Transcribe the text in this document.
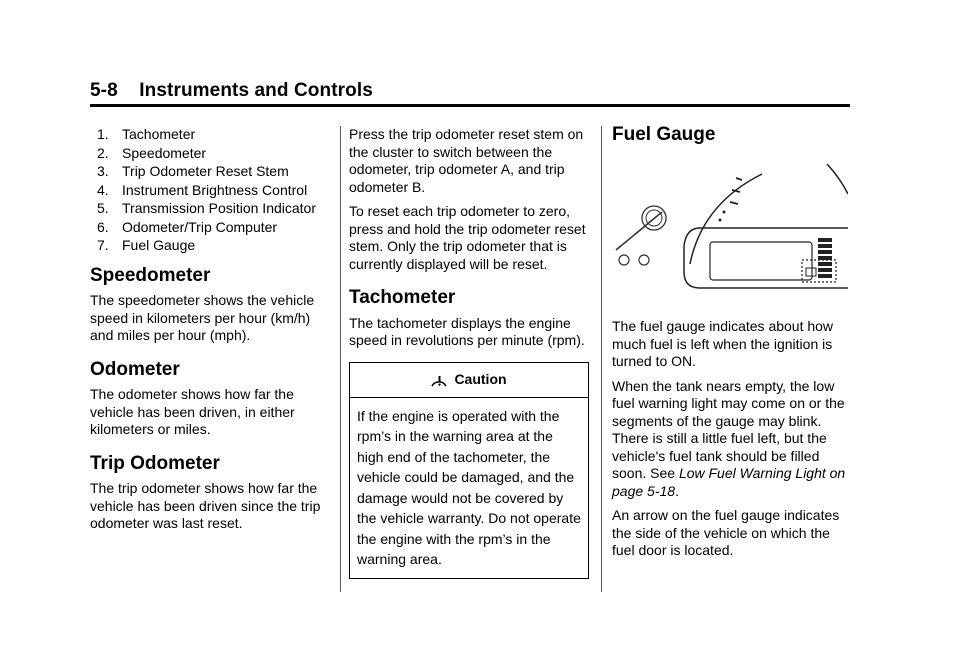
5-8 Instruments and Controls
1. Tachometer
2. Speedometer
3. Trip Odometer Reset Stem
4. Instrument Brightness Control
5. Transmission Position Indicator
6. Odometer/Trip Computer
7. Fuel Gauge
Speedometer

The speedometer shows the vehicle speed in kilometers per hour (km/h) and miles per hour (mph).

Odometer

The odometer shows how far the vehicle has been driven, in either kilometers or miles.

Trip Odometer

The trip odometer shows how far the vehicle has been driven since the trip odometer was last reset.

Press the trip odometer reset stem on the cluster to switch between the odometer, trip odometer A, and trip odometer B.

To reset each trip odometer to zero, press and hold the trip odometer reset stem. Only the trip odometer that is currently displayed will be reset.

Tachometer

The tachometer displays the engine speed in revolutions per minute (rpm).

Caution
If the engine is operated with the rpm’s in the warning area at the high end of the tachometer, the vehicle could be damaged, and the damage would not be covered by the vehicle warranty. Do not operate the engine with the rpm’s in the warning area.
Fuel Gauge

The fuel gauge indicates about how much fuel is left when the ignition is turned to ON.

When the tank nears empty, the low fuel warning light may come on or the segments of the gauge may blink. There is still a little fuel left, but the vehicle's fuel tank should be filled soon. See Low Fuel Warning Light on page 5-18.

An arrow on the fuel gauge indicates the side of the vehicle on which the fuel door is located.
